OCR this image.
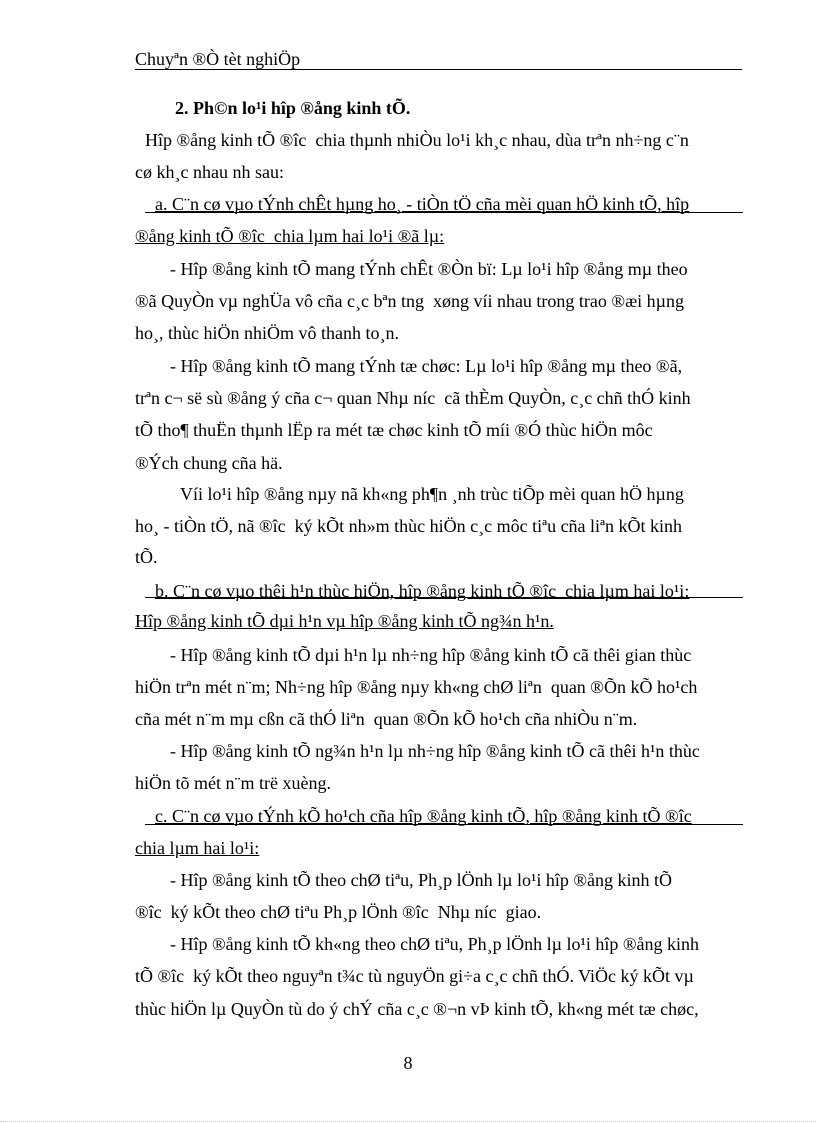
Chuyªn ®Ò tèt nghiÖp
2. Ph©n lo¹i hîp ®ång kinh tÕ.
Hîp ®ång kinh tÕ ®îc  chia thµnh nhiÒu lo¹i kh¸c nhau, dùa trªn nh÷ng c¨n
cø kh¸c nhau nh sau:
a. C¨n cø vµo tÝnh chÊt hµng ho¸ - tiÒn tÖ cña mèi quan hÖ kinh tÕ, hîp
®ång kinh tÕ ®îc  chia lµm hai lo¹i ®ã lµ:
- Hîp ®ång kinh tÕ mang tÝnh chÊt ®Òn bï: Lµ lo¹i hîp ®ång mµ theo
®ã QuyÒn vµ nghÜa vô cña c¸c bªn tng  xøng víi nhau trong trao ®æi hµng
ho¸, thùc hiÖn nhiÖm vô thanh to¸n.
- Hîp ®ång kinh tÕ mang tÝnh tæ chøc: Lµ lo¹i hîp ®ång mµ theo ®ã,
trªn c¬ së sù ®ång ý cña c¬ quan Nhµ níc  cã thÈm QuyÒn, c¸c chñ thÓ kinh
tÕ tho¶ thuËn thµnh lËp ra mét tæ chøc kinh tÕ míi ®Ó thùc hiÖn môc
®Ých chung cña hä.
Víi lo¹i hîp ®ång nµy nã kh«ng ph¶n ¸nh trùc tiÕp mèi quan hÖ hµng
ho¸ - tiÒn tÖ, nã ®îc  ký kÕt nh»m thùc hiÖn c¸c môc tiªu cña liªn kÕt kinh
tÕ.
b. C¨n cø vµo thêi h¹n thùc hiÖn, hîp ®ång kinh tÕ ®îc  chia lµm hai lo¹i:
Hîp ®ång kinh tÕ dµi h¹n vµ hîp ®ång kinh tÕ ng¾n h¹n.
- Hîp ®ång kinh tÕ dµi h¹n lµ nh÷ng hîp ®ång kinh tÕ cã thêi gian thùc
hiÖn trªn mét n¨m; Nh÷ng hîp ®ång nµy kh«ng chØ liªn  quan ®Õn kÕ ho¹ch
cña mét n¨m mµ cßn cã thÓ liªn  quan ®Õn kÕ ho¹ch cña nhiÒu n¨m.
- Hîp ®ång kinh tÕ ng¾n h¹n lµ nh÷ng hîp ®ång kinh tÕ cã thêi h¹n thùc
hiÖn tõ mét n¨m trë xuèng.
c. C¨n cø vµo tÝnh kÕ ho¹ch cña hîp ®ång kinh tÕ, hîp ®ång kinh tÕ ®îc
chia lµm hai lo¹i:
- Hîp ®ång kinh tÕ theo chØ tiªu, Ph¸p lÖnh lµ lo¹i hîp ®ång kinh tÕ
®îc  ký kÕt theo chØ tiªu Ph¸p lÖnh ®îc  Nhµ níc  giao.
- Hîp ®ång kinh tÕ kh«ng theo chØ tiªu, Ph¸p lÖnh lµ lo¹i hîp ®ång kinh
tÕ ®îc  ký kÕt theo nguyªn t¾c tù nguyÖn gi÷a c¸c chñ thÓ. ViÖc ký kÕt vµ
thùc hiÖn lµ QuyÒn tù do ý chÝ cña c¸c ®¬n vÞ kinh tÕ, kh«ng mét tæ chøc,
8
